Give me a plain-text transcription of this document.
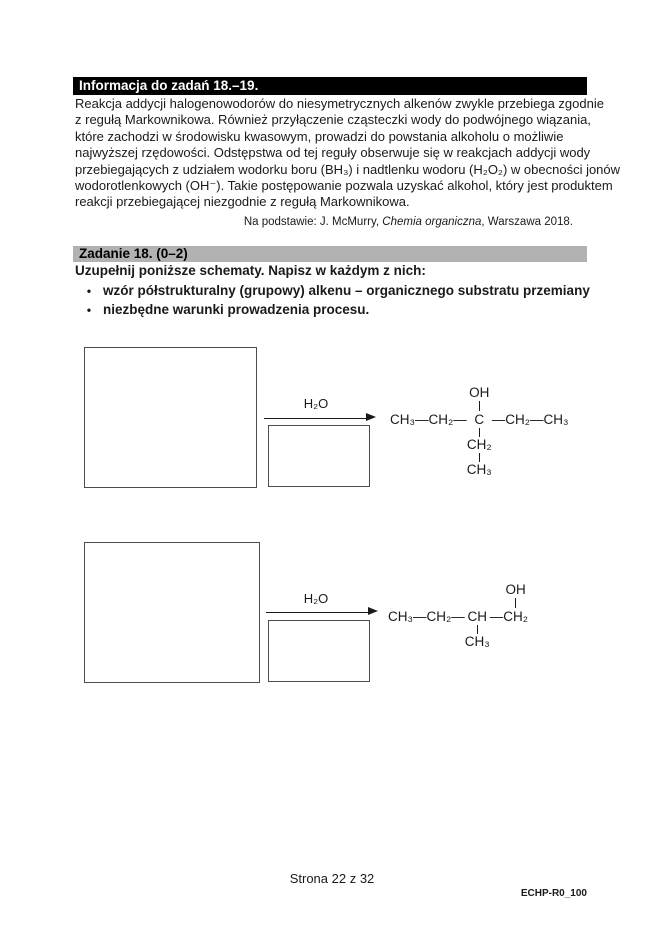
Informacja do zadań 18.–19.
Reakcja addycji halogenowodorów do niesymetrycznych alkenów zwykle przebiega zgodnie
z regułą Markownikowa. Również przyłączenie cząsteczki wody do podwójnego wiązania,
które zachodzi w środowisku kwasowym, prowadzi do powstania alkoholu o możliwie
najwyższej rzędowości. Odstępstwa od tej reguły obserwuje się w reakcjach addycji wody
przebiegających z udziałem wodorku boru (BH₃) i nadtlenku wodoru (H₂O₂) w obecności jonów
wodorotlenkowych (OH⁻). Takie postępowanie pozwala uzyskać alkohol, który jest produktem
reakcji przebiegającej niezgodnie z regułą Markownikowa.
Na podstawie: J. McMurry, Chemia organiczna, Warszawa 2018.
Zadanie 18. (0–2)
Uzupełnij poniższe schematy. Napisz w każdym z nich:
• wzór półstrukturalny (grupowy) alkenu – organicznego substratu przemiany
• niezbędne warunki prowadzenia procesu.
H₂O
CH₃ — CH₂ —
OH
C
CH₂
CH₃
— CH₂ — CH₃
H₂O
CH₃ — CH₂ — CH
CH₃
—
OH
CH₂
Strona 22 z 32
ECHP-R0_100
